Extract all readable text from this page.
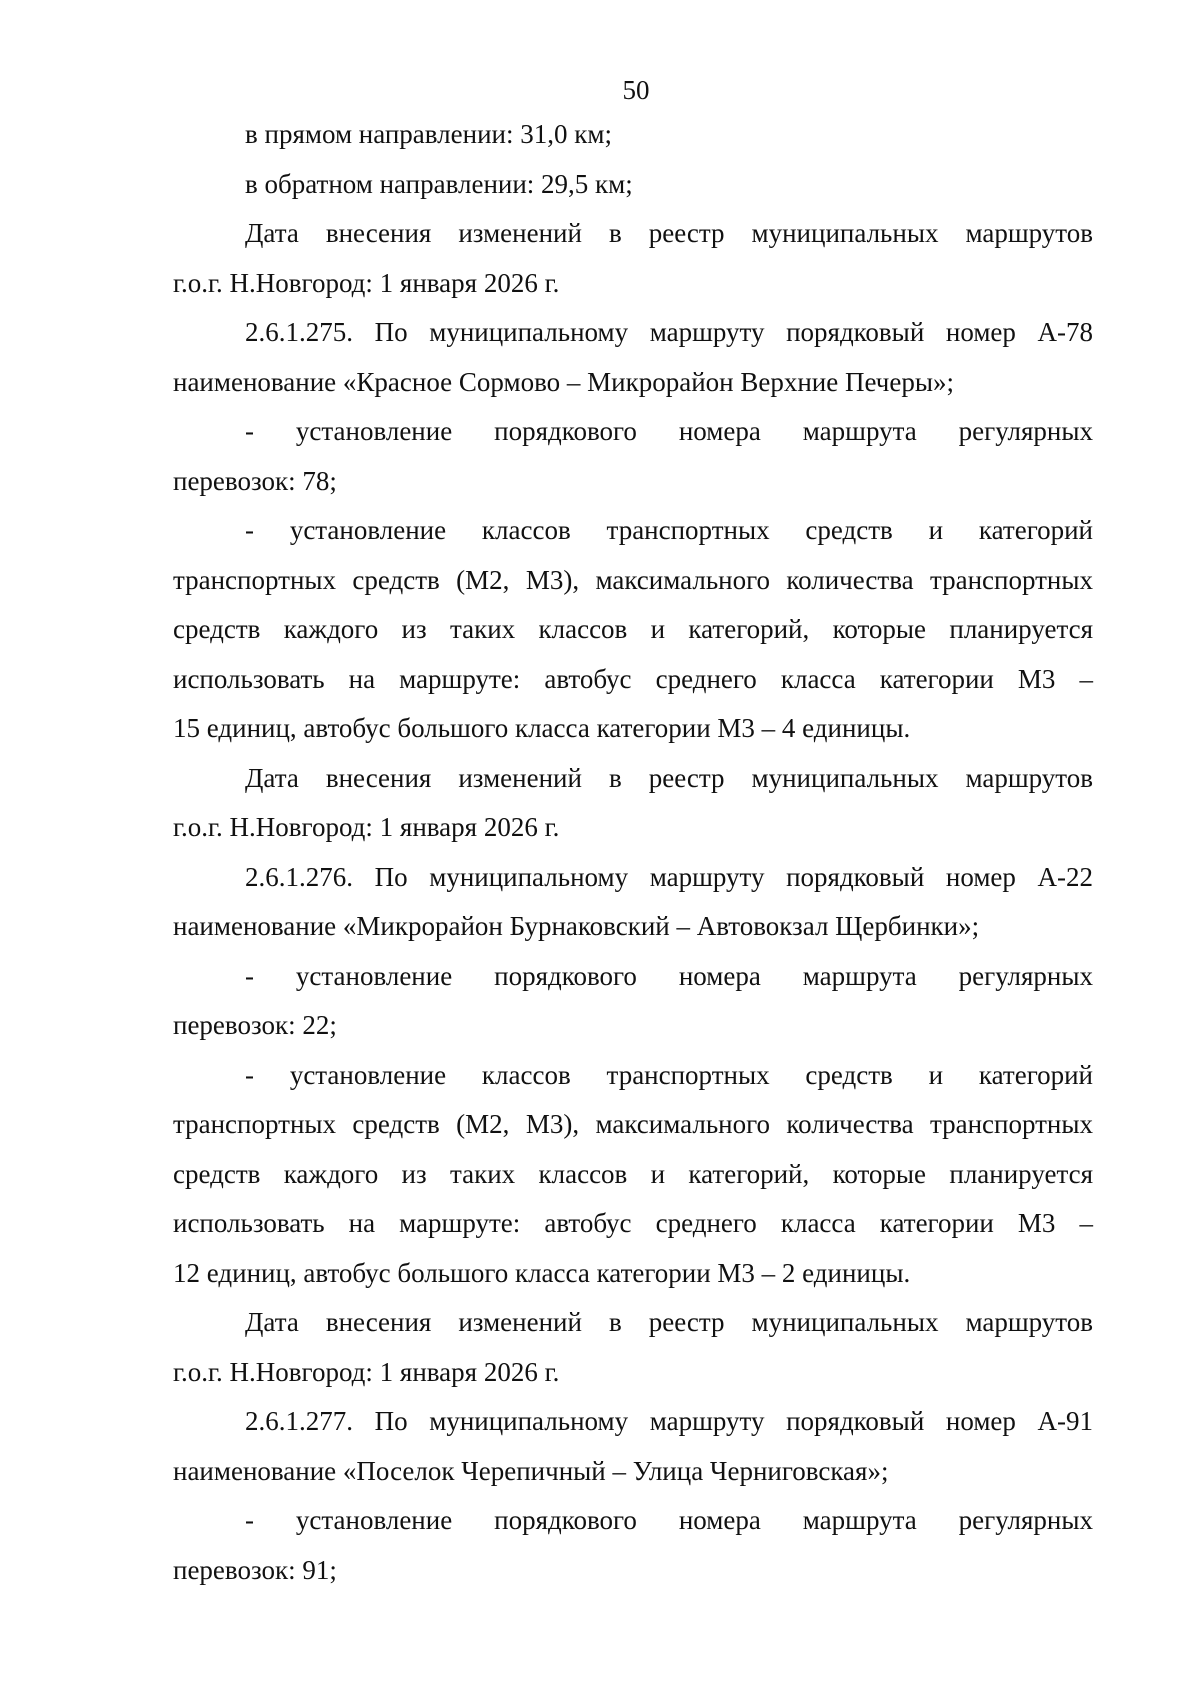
50
в прямом направлении: 31,0 км;
в обратном направлении: 29,5 км;
Дата внесения изменений в реестр муниципальных маршрутов
г.о.г. Н.Новгород: 1 января 2026 г.
2.6.1.275. По муниципальному маршруту порядковый номер А-78
наименование «Красное Сормово – Микрорайон Верхние Печеры»;
- установление порядкового номера маршрута регулярных
перевозок: 78;
- установление классов транспортных средств и категорий
транспортных средств (М2, М3), максимального количества транспортных
средств каждого из таких классов и категорий, которые планируется
использовать на маршруте: автобус среднего класса категории М3 –
15 единиц, автобус большого класса категории М3 – 4 единицы.
Дата внесения изменений в реестр муниципальных маршрутов
г.о.г. Н.Новгород: 1 января 2026 г.
2.6.1.276. По муниципальному маршруту порядковый номер А-22
наименование «Микрорайон Бурнаковский – Автовокзал Щербинки»;
- установление порядкового номера маршрута регулярных
перевозок: 22;
- установление классов транспортных средств и категорий
транспортных средств (М2, М3), максимального количества транспортных
средств каждого из таких классов и категорий, которые планируется
использовать на маршруте: автобус среднего класса категории М3 –
12 единиц, автобус большого класса категории М3 – 2 единицы.
Дата внесения изменений в реестр муниципальных маршрутов
г.о.г. Н.Новгород: 1 января 2026 г.
2.6.1.277. По муниципальному маршруту порядковый номер А-91
наименование «Поселок Черепичный – Улица Черниговская»;
- установление порядкового номера маршрута регулярных
перевозок: 91;
